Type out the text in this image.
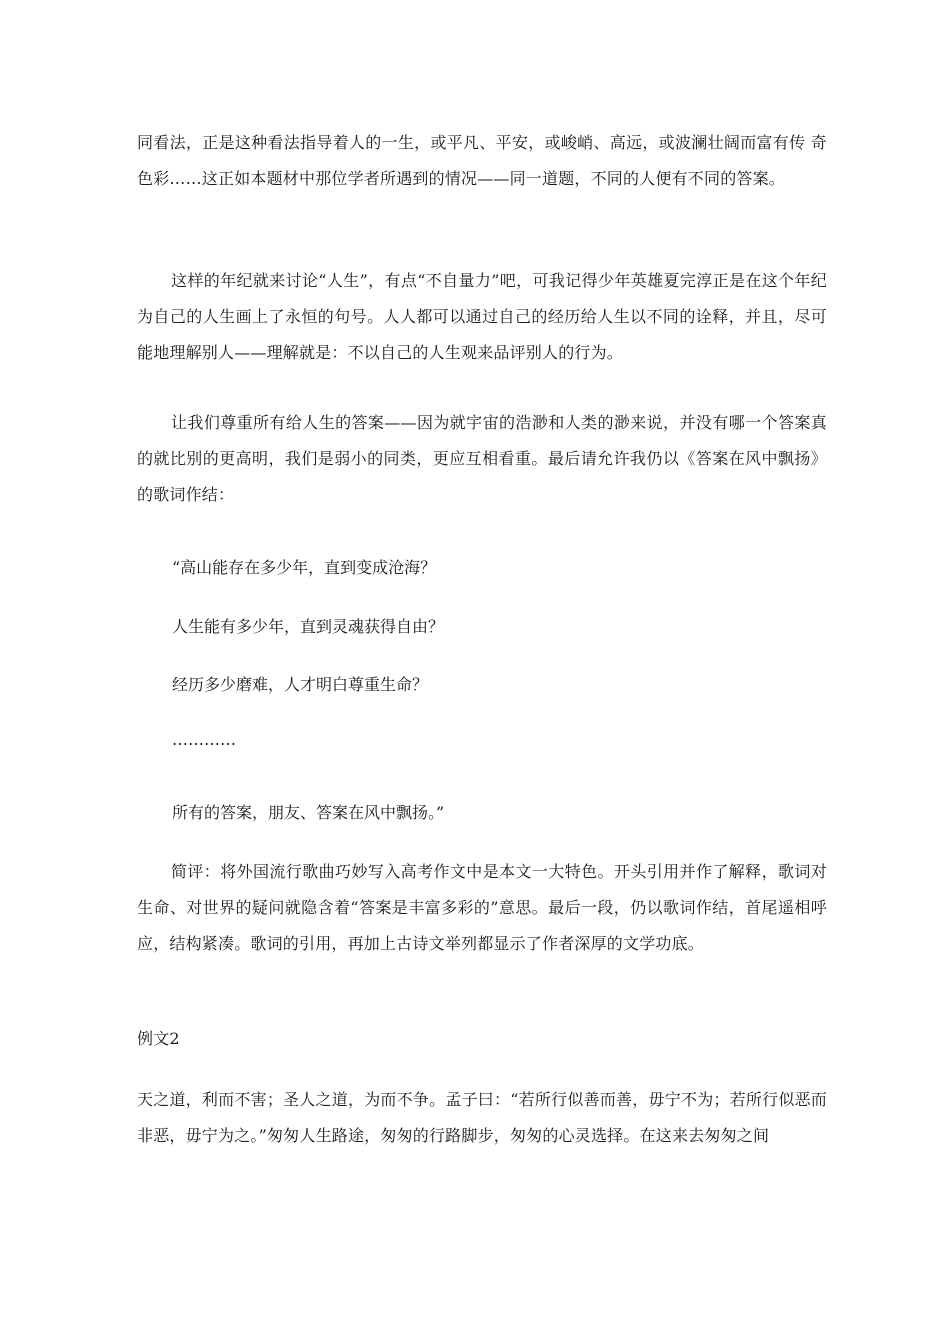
同看法，正是这种看法指导着人的一生，或平凡、平安，或峻峭、高远，或波澜壮阔而富有传 奇色彩……这正如本题材中那位学者所遇到的情况——同一道题，不同的人便有不同的答案。

这样的年纪就来讨论“人生”，有点“不自量力”吧，可我记得少年英雄夏完淳正是在这个年纪为自己的人生画上了永恒的句号。人人都可以通过自己的经历给人生以不同的诠释，并且，尽可能地理解别人——理解就是：不以自己的人生观来品评别人的行为。

让我们尊重所有给人生的答案——因为就宇宙的浩渺和人类的渺来说，并没有哪一个答案真的就比别的更高明，我们是弱小的同类，更应互相看重。最后请允许我仍以《答案在风中飘扬》的歌词作结：

“高山能存在多少年，直到变成沧海？

人生能有多少年，直到灵魂获得自由？

经历多少磨难，人才明白尊重生命？

…………

所有的答案，朋友、答案在风中飘扬。”

简评：将外国流行歌曲巧妙写入高考作文中是本文一大特色。开头引用并作了解释，歌词对生命、对世界的疑问就隐含着“答案是丰富多彩的”意思。最后一段，仍以歌词作结，首尾遥相呼应，结构紧凑。歌词的引用，再加上古诗文举列都显示了作者深厚的文学功底。

例文2

天之道，利而不害；圣人之道，为而不争。孟子曰：“若所行似善而善，毋宁不为；若所行似恶而非恶，毋宁为之。”匆匆人生路途，匆匆的行路脚步，匆匆的心灵选择。在这来去匆匆之间
